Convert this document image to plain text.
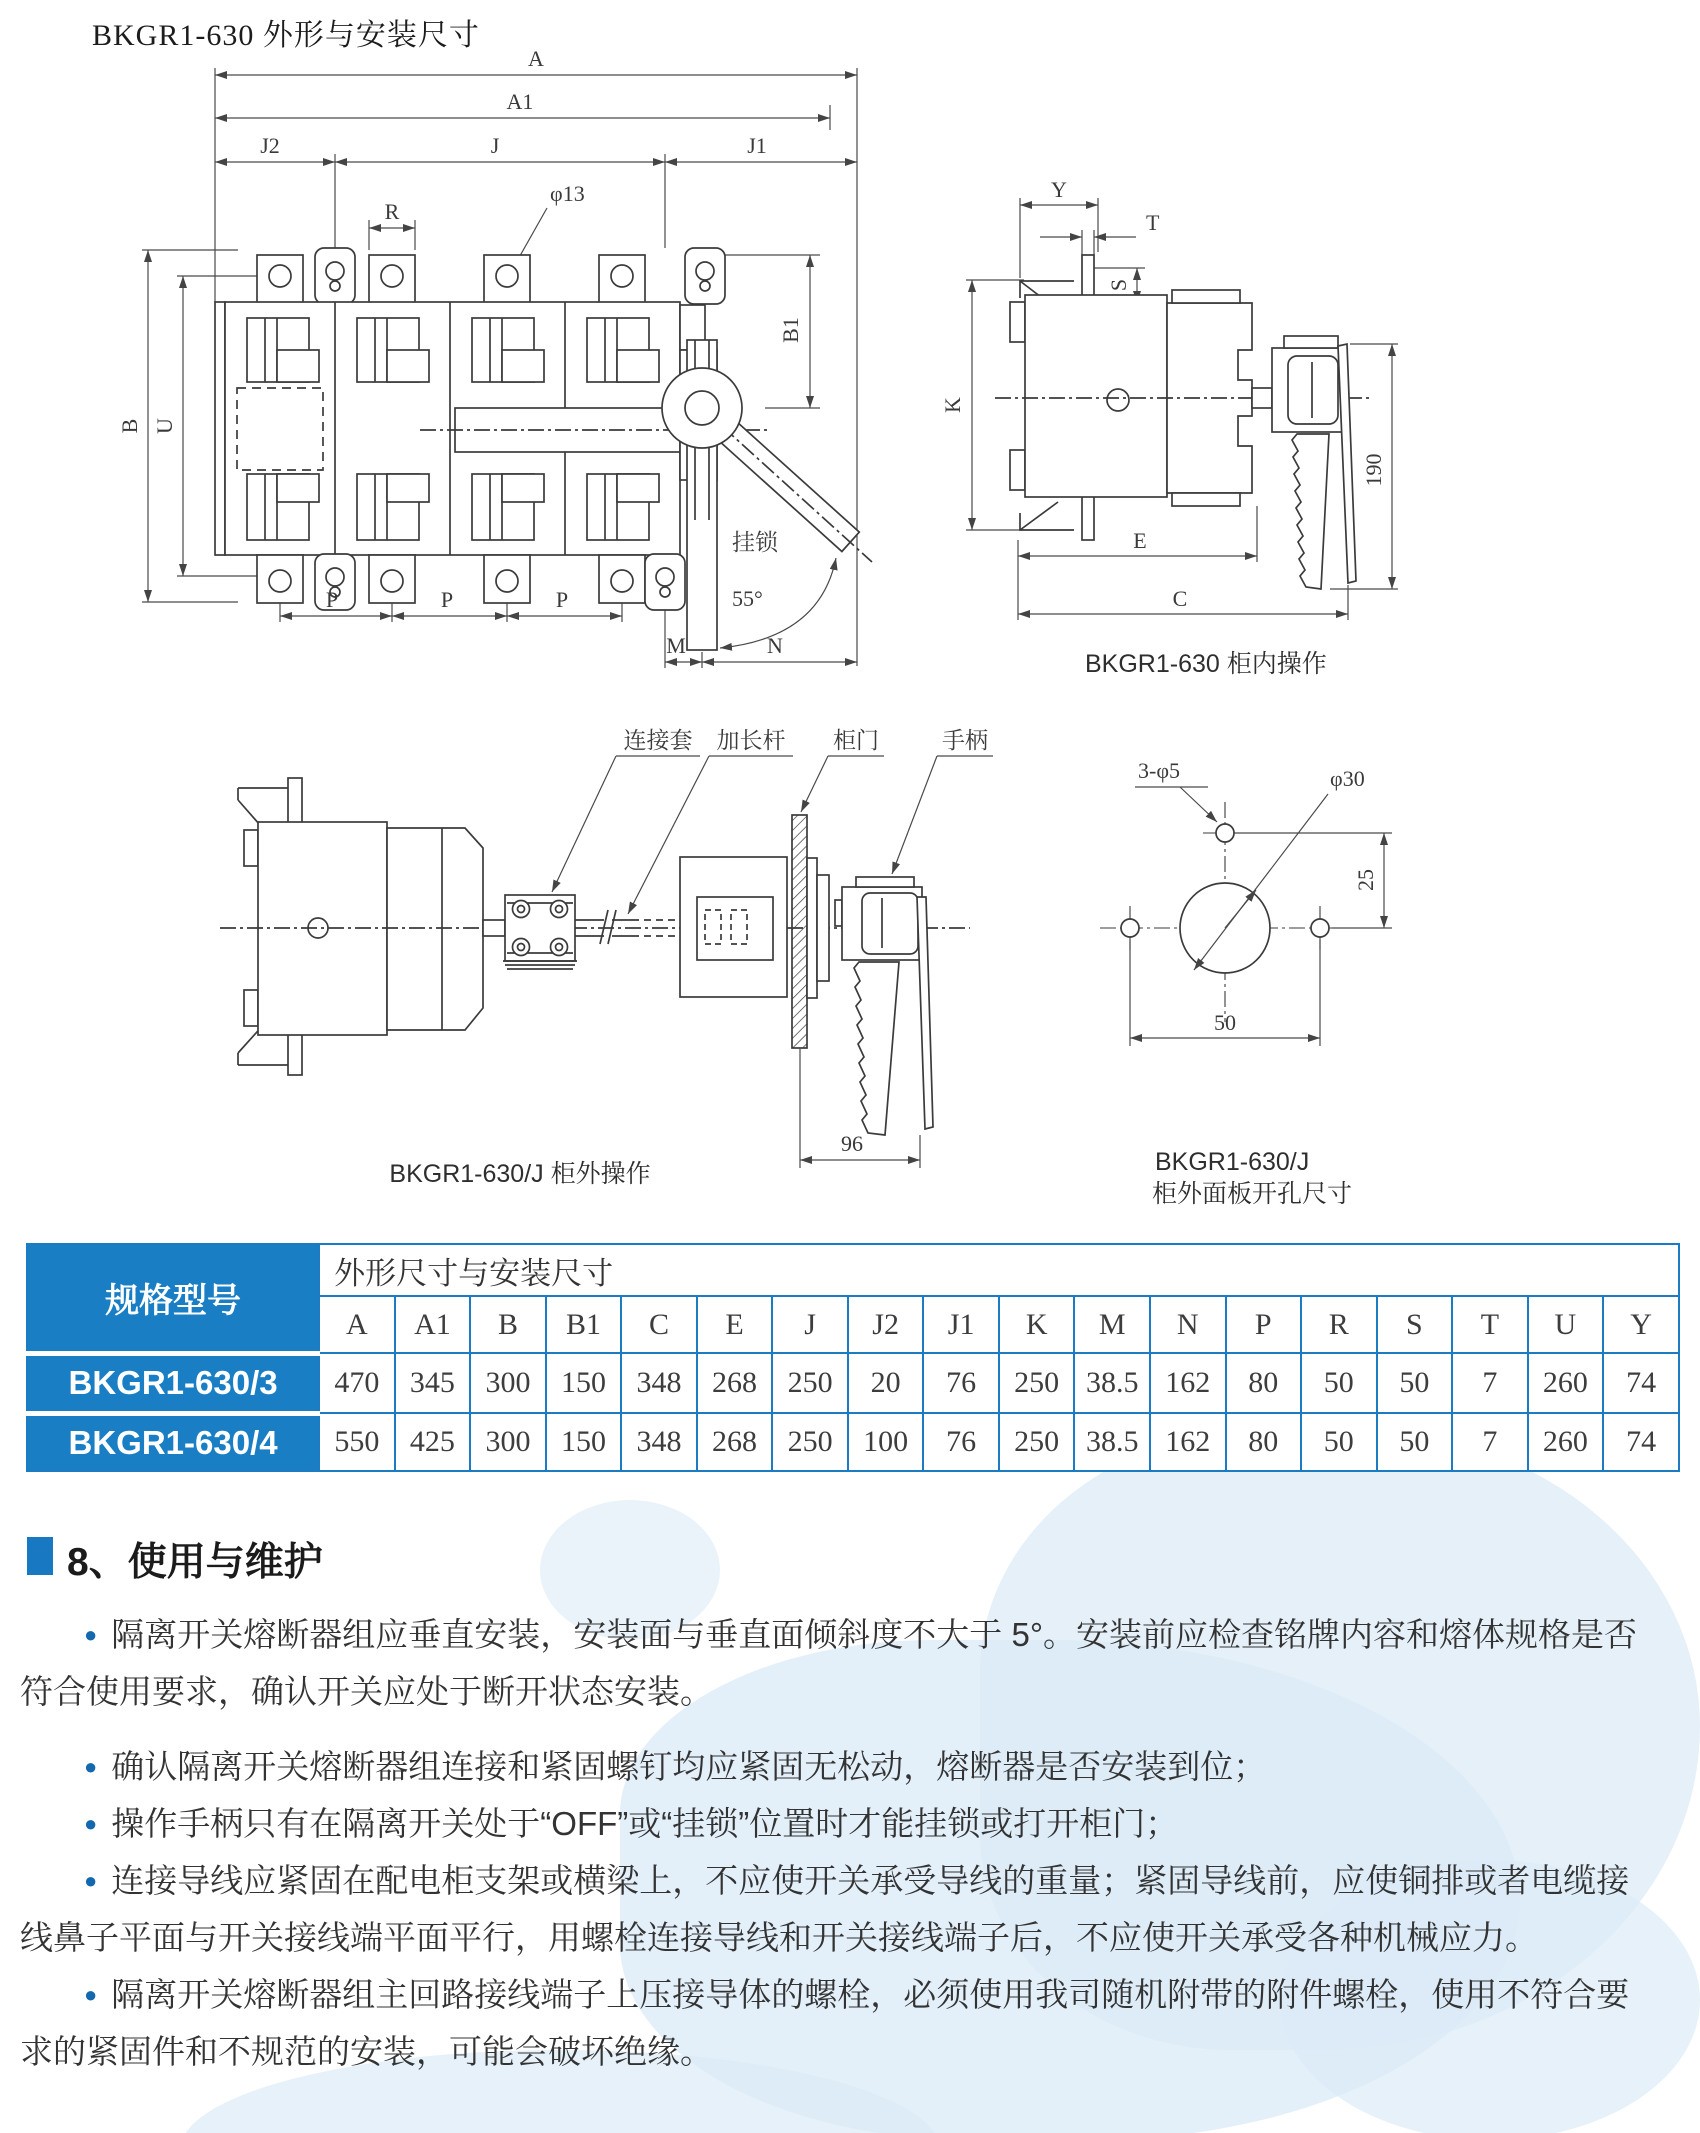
BKGR1-630 外形与安装尺寸
A
A1
J2	J	J1
R
φ13
B U
B1
P	P	P
M	N
55°
挂锁
Y
T
S
K
E
C
190
BKGR1-630 柜内操作
连接套 加长杆 柜门	手柄
96
BKGR1-630/J 柜外操作
3-φ5	φ30
25
50
BKGR1-630/J
柜外面板开孔尺寸
规格型号	外形尺寸与安装尺寸																	
	A	A1	B	B1	C	E	J	J2	J1	K	M	N	P	R	S	T	U	Y
BKGR1-630/3	470	345	300	150	348	268	250	20	76	250	38.5	162	80	50	50	7	260	74
BKGR1-630/4	550	425	300	150	348	268	250	100	76	250	38.5	162	80	50	50	7	260	74
8、使用与维护

● 隔离开关熔断器组应垂直安装，安装面与垂直面倾斜度不大于 5°。安装前应检查铭牌内容和熔体规格是否符合使用要求，确认开关应处于断开状态安装。

● 确认隔离开关熔断器组连接和紧固螺钉均应紧固无松动，熔断器是否安装到位；

● 操作手柄只有在隔离开关处于“OFF”或“挂锁”位置时才能挂锁或打开柜门；

● 连接导线应紧固在配电柜支架或横梁上，不应使开关承受导线的重量；紧固导线前，应使铜排或者电缆接线鼻子平面与开关接线端平面平行，用螺栓连接导线和开关接线端子后，不应使开关承受各种机械应力。

● 隔离开关熔断器组主回路接线端子上压接导体的螺栓，必须使用我司随机附带的附件螺栓，使用不符合要求的紧固件和不规范的安装，可能会破坏绝缘。
